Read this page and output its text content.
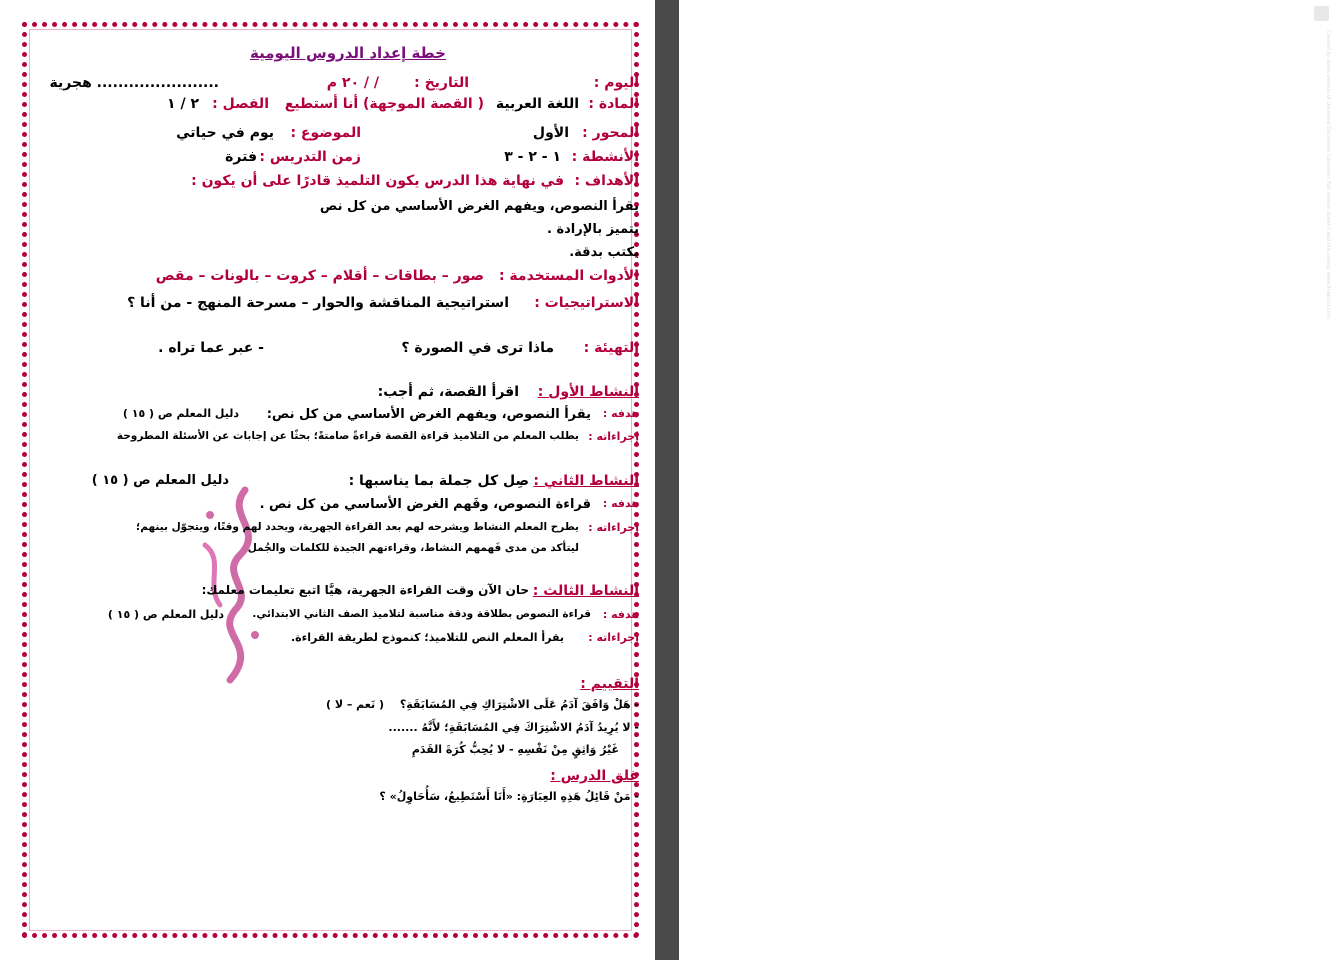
Created by deero version of Universal Document Converter. Full version doesn't add this stamp. www.fineprint.com
خطة إعداد الدروس اليومية
اليوم :
التاريخ :
/ / ٢٠ م
....................... هجرية
المادة :
اللغة العربية
( القصة الموجهة) أنا أستطيع
الفصل :
٢ / ١
المحور :
الأول
الموضوع :
يوم في حياتي
الأنشطة :
١ - ٢ - ٣
زمن التدريس :
فترة
الأهداف :
في نهاية هذا الدرس يكون التلميذ قادرًا على أن يكون :
يقرأ النصوص، ويفهم الغرض الأساسي من كل نص
يتميز بالإرادة .
يكتب بدقة.
الأدوات المستخدمة :
صور – بطاقات – أقلام – كروت – بالونات – مقص
الاستراتيجيات :
استراتيجية المناقشة والحوار – مسرحة المنهج - من أنا ؟
التهيئة :
ماذا ترى في الصورة ؟
- عبر عما تراه .
النشاط الأول :
اقرأ القصة، ثم أجب:
هدفه :
يقرأ النصوص، ويفهم الغرض الأساسي من كل نص:
دليل المعلم ص ( ١٥ )
إجراءاته :
يطلب المعلم من التلاميذ قراءة القصة قراءةً صامتةً؛ بحثًا عن إجابات عن الأسئلة المطروحة
النشاط الثاني :
صِل كل جملة بما يناسبها :
دليل المعلم ص ( ١٥ )
هدفه :
قراءة النصوص، وفَهم الغرض الأساسي من كل نص .
إجراءاته :
يطرح المعلم النشاط ويشرحه لهم بعد القراءة الجهرية، ويحدد لهم وقتًا، ويتجوّل بينهم؛
ليتأكد من مدى فَهمهم النشاط، وقراءتهم الجيدة للكلمات والجُمل
النشاط الثالث :
حان الآن وقت القراءة الجهرية، هيَّا اتبع تعليمات معلمك:
هدفه :
قراءة النصوص بطلاقة ودقة مناسبة لتلاميذ الصف الثاني الابتدائي.
دليل المعلم ص ( ١٥ )
إجراءاته :
يقرأ المعلم النص للتلاميذ؛ كنموذج لطريقة القراءة.
التقييم :
- هَلْ وَافَقَ آدَمُ عَلَى الاشْتِرَاكِ فِي المُسَابَقَةِ؟
( نَعم – لا )
- لا يُرِيدُ آدَمُ الاشْتِرَاكَ فِي المُسَابَقَةِ؛ لأَنَّهُ .......
غَيْرُ وَاثِقٍ مِنْ نَفْسِهِ - لا يُحِبُّ كُرَةَ القَدَمِ
غلق الدرس :
- مَنْ قَائِلُ هَذِهِ العِبَارَةِ: «أَنَا أَسْتَطِيعُ، سَأُحَاوِلُ» ؟
